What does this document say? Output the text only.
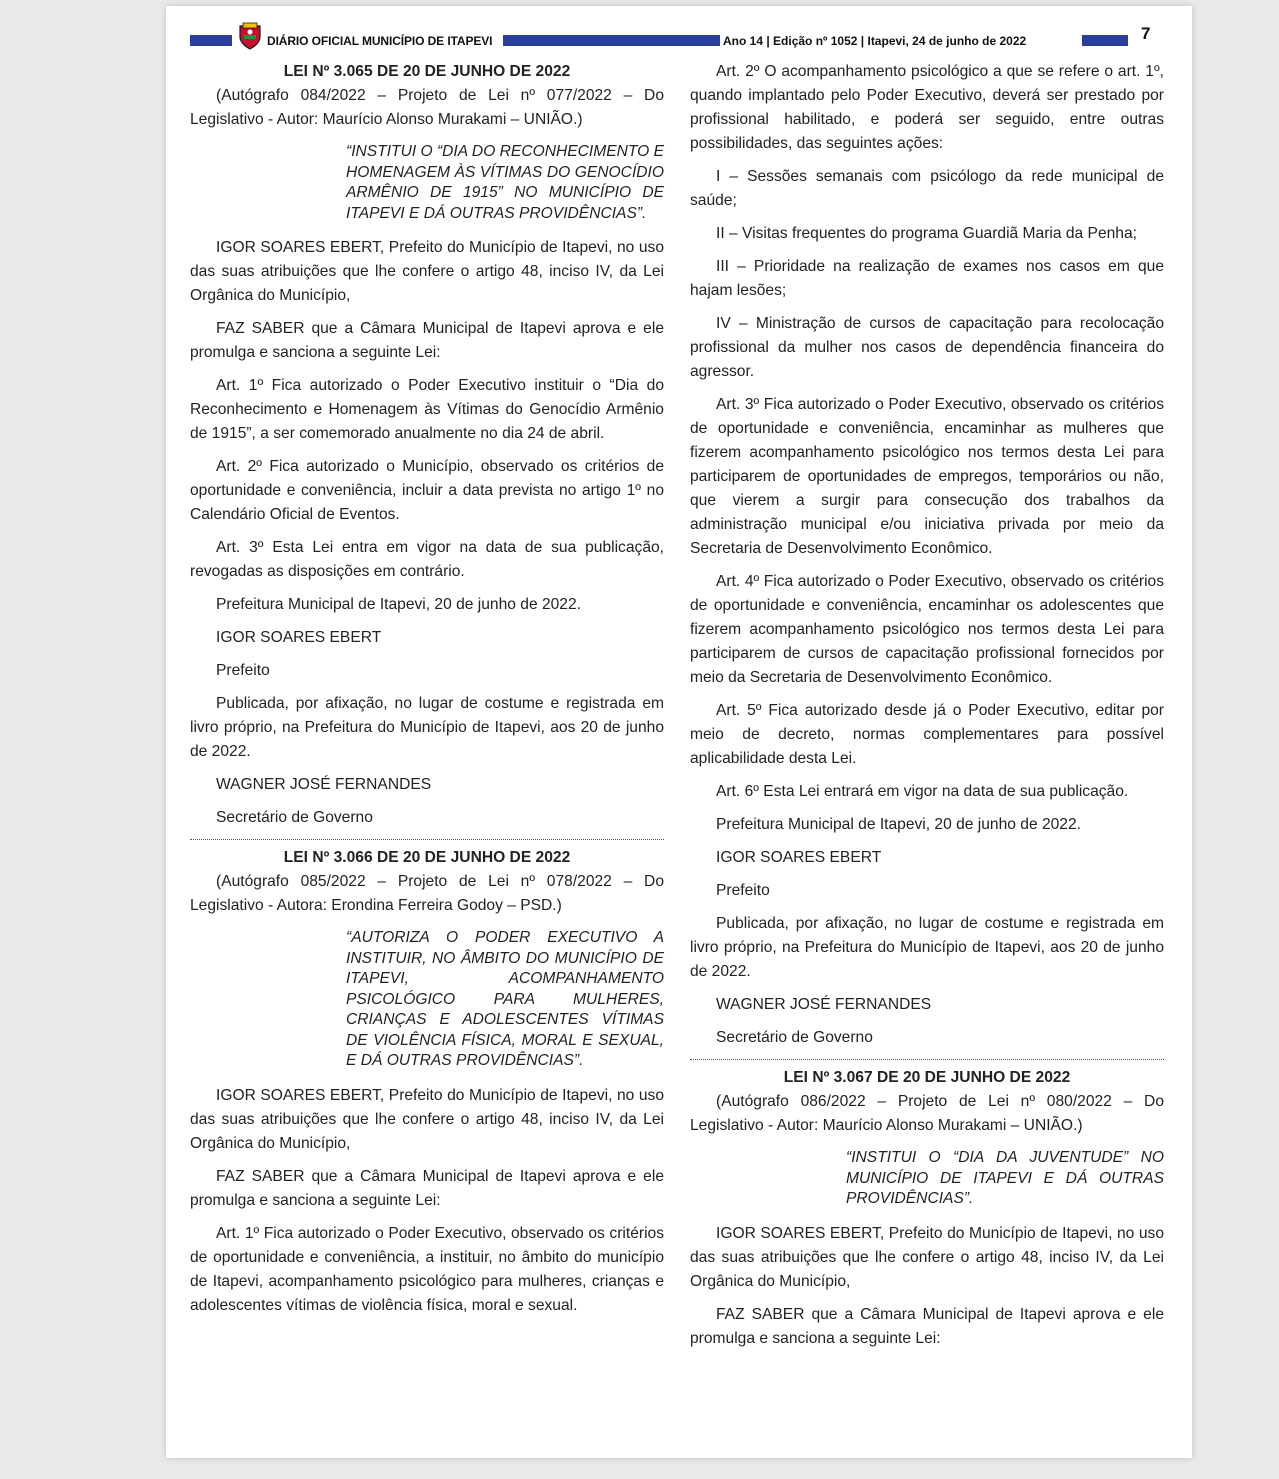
DIÁRIO OFICIAL MUNICÍPIO DE ITAPEVI	Ano 14 | Edição nº 1052 | Itapevi, 24 de junho de 2022	7
LEI Nº 3.065 DE 20 DE JUNHO DE 2022

(Autógrafo 084/2022 – Projeto de Lei nº 077/2022 – Do Legislativo - Autor: Maurício Alonso Murakami – UNIÃO.)

“INSTITUI O “DIA DO RECONHECIMENTO E HOMENAGEM ÀS VÍTIMAS DO GENOCÍDIO ARMÊNIO DE 1915” NO MUNICÍPIO DE ITAPEVI E DÁ OUTRAS PROVIDÊNCIAS”.

IGOR SOARES EBERT, Prefeito do Município de Itapevi, no uso das suas atribuições que lhe confere o artigo 48, inciso IV, da Lei Orgânica do Município,

FAZ SABER que a Câmara Municipal de Itapevi aprova e ele promulga e sanciona a seguinte Lei:

Art. 1º Fica autorizado o Poder Executivo instituir o “Dia do Reconhecimento e Homenagem às Vítimas do Genocídio Armênio de 1915”, a ser comemorado anualmente no dia 24 de abril.

Art. 2º Fica autorizado o Município, observado os critérios de oportunidade e conveniência, incluir a data prevista no artigo 1º no Calendário Oficial de Eventos.

Art. 3º Esta Lei entra em vigor na data de sua publicação, revogadas as disposições em contrário.

Prefeitura Municipal de Itapevi, 20 de junho de 2022.

IGOR SOARES EBERT

Prefeito

Publicada, por afixação, no lugar de costume e registrada em livro próprio, na Prefeitura do Município de Itapevi, aos 20 de junho de 2022.

WAGNER JOSÉ FERNANDES

Secretário de Governo

LEI Nº 3.066 DE 20 DE JUNHO DE 2022

(Autógrafo 085/2022 – Projeto de Lei nº 078/2022 – Do Legislativo - Autora: Erondina Ferreira Godoy – PSD.)

“AUTORIZA O PODER EXECUTIVO A INSTITUIR, NO ÂMBITO DO MUNICÍPIO DE ITAPEVI, ACOMPANHAMENTO PSICOLÓGICO PARA MULHERES, CRIANÇAS E ADOLESCENTES VÍTIMAS DE VIOLÊNCIA FÍSICA, MORAL E SEXUAL, E DÁ OUTRAS PROVIDÊNCIAS”.

IGOR SOARES EBERT, Prefeito do Município de Itapevi, no uso das suas atribuições que lhe confere o artigo 48, inciso IV, da Lei Orgânica do Município,

FAZ SABER que a Câmara Municipal de Itapevi aprova e ele promulga e sanciona a seguinte Lei:

Art. 1º Fica autorizado o Poder Executivo, observado os critérios de oportunidade e conveniência, a instituir, no âmbito do município de Itapevi, acompanhamento psicológico para mulheres, crianças e adolescentes vítimas de violência física, moral e sexual.

Art. 2º O acompanhamento psicológico a que se refere o art. 1º, quando implantado pelo Poder Executivo, deverá ser prestado por profissional habilitado, e poderá ser seguido, entre outras possibilidades, das seguintes ações:

I – Sessões semanais com psicólogo da rede municipal de saúde;

II – Visitas frequentes do programa Guardiã Maria da Penha;

III – Prioridade na realização de exames nos casos em que hajam lesões;

IV – Ministração de cursos de capacitação para recolocação profissional da mulher nos casos de dependência financeira do agressor.

Art. 3º Fica autorizado o Poder Executivo, observado os critérios de oportunidade e conveniência, encaminhar as mulheres que fizerem acompanhamento psicológico nos termos desta Lei para participarem de oportunidades de empregos, temporários ou não, que vierem a surgir para consecução dos trabalhos da administração municipal e/ou iniciativa privada por meio da Secretaria de Desenvolvimento Econômico.

Art. 4º Fica autorizado o Poder Executivo, observado os critérios de oportunidade e conveniência, encaminhar os adolescentes que fizerem acompanhamento psicológico nos termos desta Lei para participarem de cursos de capacitação profissional fornecidos por meio da Secretaria de Desenvolvimento Econômico.

Art. 5º Fica autorizado desde já o Poder Executivo, editar por meio de decreto, normas complementares para possível aplicabilidade desta Lei.

Art. 6º Esta Lei entrará em vigor na data de sua publicação.

Prefeitura Municipal de Itapevi, 20 de junho de 2022.

IGOR SOARES EBERT

Prefeito

Publicada, por afixação, no lugar de costume e registrada em livro próprio, na Prefeitura do Município de Itapevi, aos 20 de junho de 2022.

WAGNER JOSÉ FERNANDES

Secretário de Governo

LEI Nº 3.067 DE 20 DE JUNHO DE 2022

(Autógrafo 086/2022 – Projeto de Lei nº 080/2022 – Do Legislativo - Autor: Maurício Alonso Murakami – UNIÃO.)

“INSTITUI O “DIA DA JUVENTUDE” NO MUNICÍPIO DE ITAPEVI E DÁ OUTRAS PROVIDÊNCIAS”.

IGOR SOARES EBERT, Prefeito do Município de Itapevi, no uso das suas atribuições que lhe confere o artigo 48, inciso IV, da Lei Orgânica do Município,

FAZ SABER que a Câmara Municipal de Itapevi aprova e ele promulga e sanciona a seguinte Lei:
